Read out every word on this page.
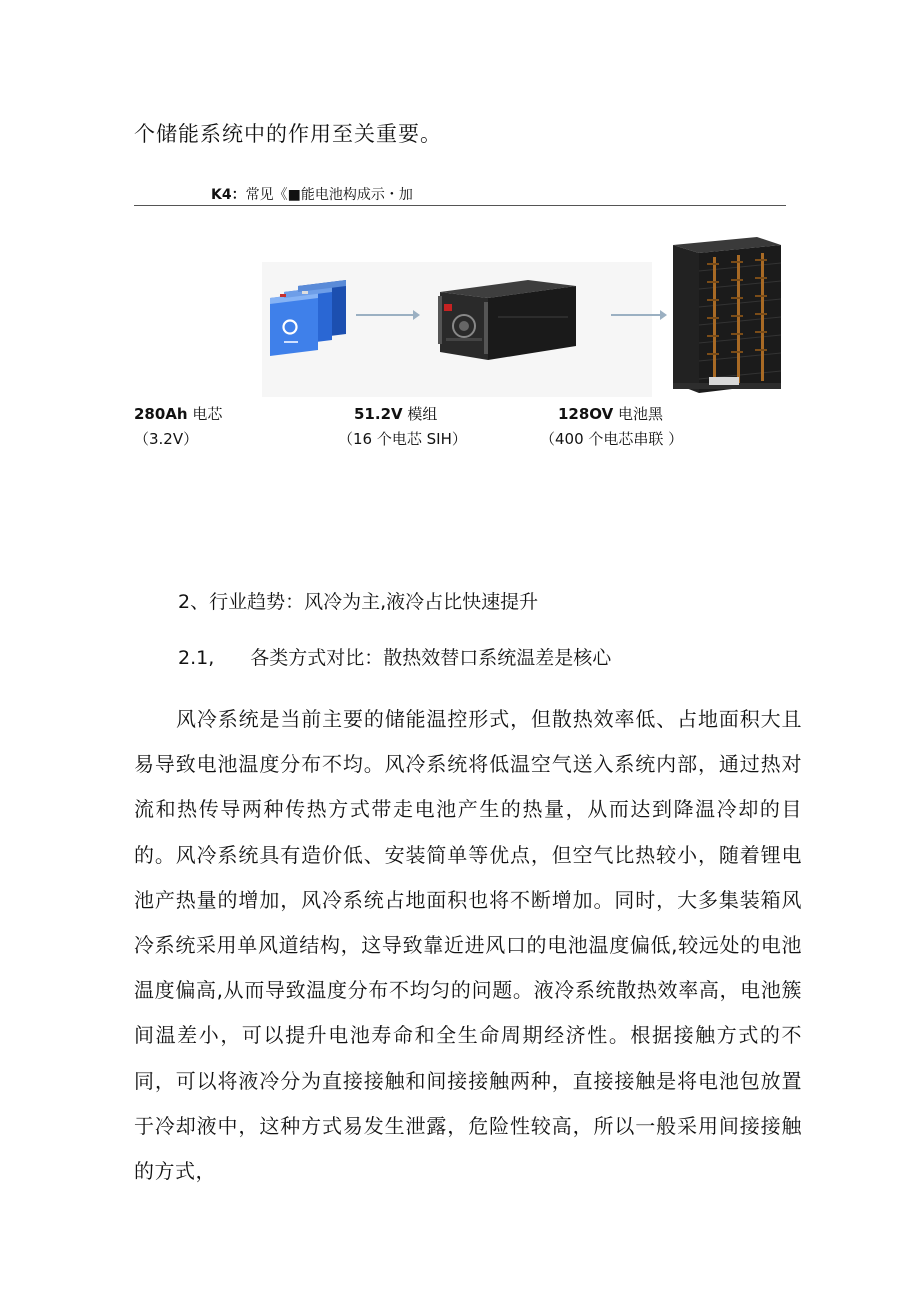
个储能系统中的作用至关重要。
K4：常见《■能电池构成示・加
280Ah 电芯
（3.2V）
51.2V 模组
（16 个电芯 SIH）
128OV 电池黑
（400 个电芯串联 ）
2、行业趋势：风冷为主,液冷占比快速提升
2.1, 各类方式对比：散热效替口系统温差是核心
风冷系统是当前主要的储能温控形式，但散热效率低、占地面积大且易导致电池温度分布不均。风冷系统将低温空气送入系统内部，通过热对流和热传导两种传热方式带走电池产生的热量，从而达到降温冷却的目的。风冷系统具有造价低、安装简单等优点，但空气比热较小，随着锂电池产热量的增加，风冷系统占地面积也将不断增加。同时，大多集装箱风冷系统采用单风道结构，这导致靠近进风口的电池温度偏低,较远处的电池温度偏高,从而导致温度分布不均匀的问题。液冷系统散热效率高，电池簇间温差小，可以提升电池寿命和全生命周期经济性。根据接触方式的不同，可以将液冷分为直接接触和间接接触两种，直接接触是将电池包放置于冷却液中，这种方式易发生泄露，危险性较高，所以一般采用间接接触的方式，
